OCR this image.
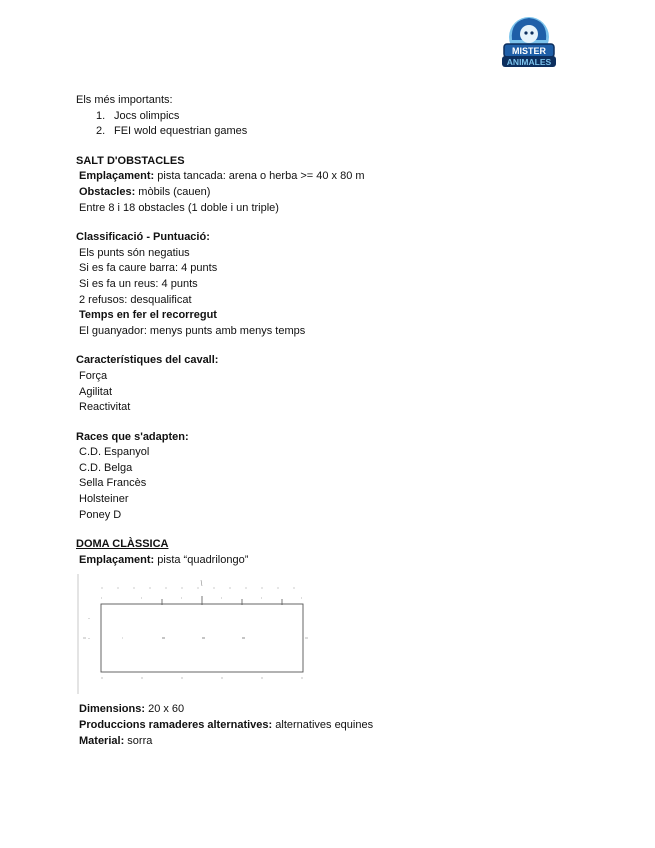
MISTER
ANIMALES
Els més importants:
1. Jocs olimpics
2. FEI wold equestrian games
SALT D'OBSTACLES
Emplaçament: pista tancada: arena o herba >= 40 x 80 m
Obstacles: mòbils (cauen)
Entre 8 i 18 obstacles (1 doble i un triple)
Classificació - Puntuació:
Els punts són negatius
Si es fa caure barra: 4 punts
Si es fa un reus: 4 punts
2 refusos: desqualificat
Temps en fer el recorregut
El guanyador: menys punts amb menys temps
Característiques del cavall:
Força
Agilitat
Reactivitat
Races que s'adapten:
C.D. Espanyol
C.D. Belga
Sella Francès
Holsteiner
Poney D
DOMA CLÀSSICA
Emplaçament: pista “quadrilongo”
Dimensions: 20 x 60
Produccions ramaderes alternatives: alternatives equines
Material: sorra
